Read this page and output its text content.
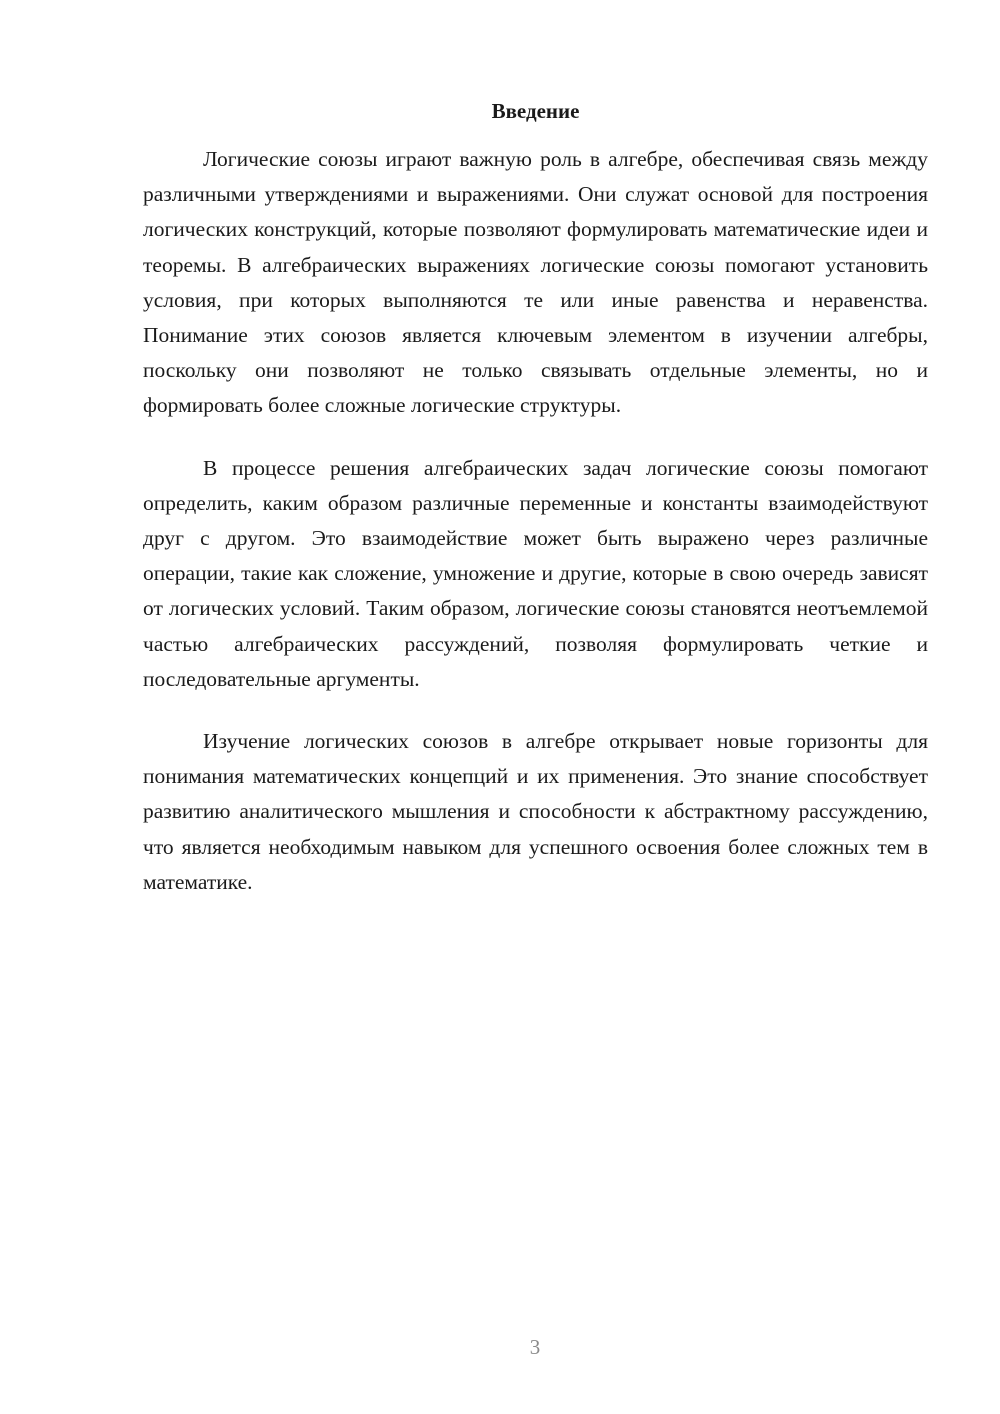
Введение

Логические союзы играют важную роль в алгебре, обеспечивая связь между различными утверждениями и выражениями. Они служат основой для построения логических конструкций, которые позволяют формулировать математические идеи и теоремы. В алгебраических выражениях логические союзы помогают установить условия, при которых выполняются те или иные равенства и неравенства. Понимание этих союзов является ключевым элементом в изучении алгебры, поскольку они позволяют не только связывать отдельные элементы, но и формировать более сложные логические структуры.

В процессе решения алгебраических задач логические союзы помогают определить, каким образом различные переменные и константы взаимодействуют друг с другом. Это взаимодействие может быть выражено через различные операции, такие как сложение, умножение и другие, которые в свою очередь зависят от логических условий. Таким образом, логические союзы становятся неотъемлемой частью алгебраических рассуждений, позволяя формулировать четкие и последовательные аргументы.

Изучение логических союзов в алгебре открывает новые горизонты для понимания математических концепций и их применения. Это знание способствует развитию аналитического мышления и способности к абстрактному рассуждению, что является необходимым навыком для успешного освоения более сложных тем в математике.

3
